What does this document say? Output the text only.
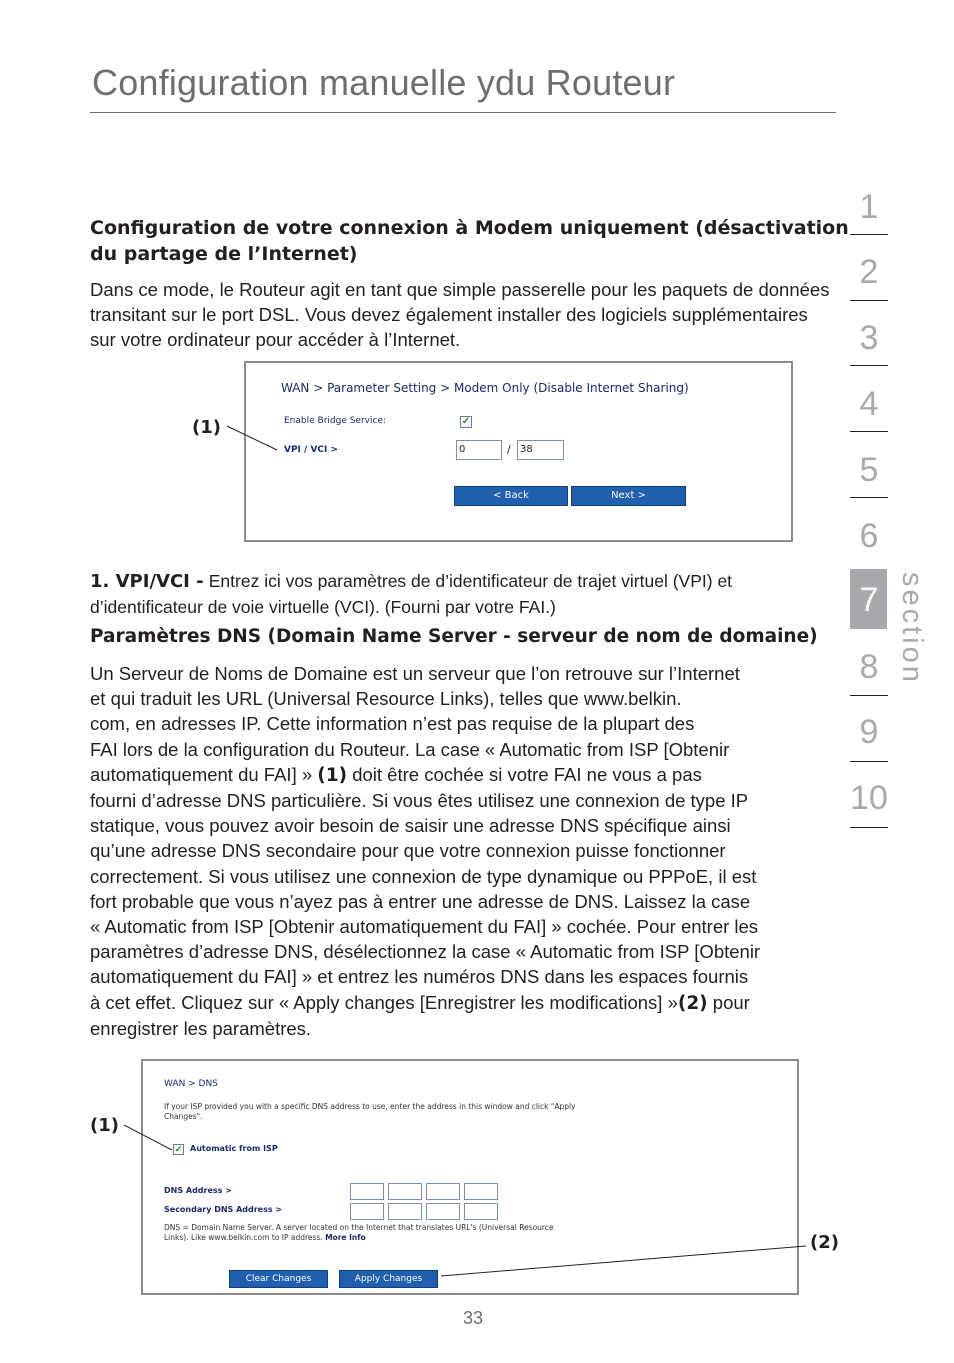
Configuration manuelle ydu Routeur
Configuration de votre connexion à Modem uniquement (désactivation du partage de l’Internet)
Dans ce mode, le Routeur agit en tant que simple passerelle pour les paquets de données transitant sur le port DSL. Vous devez également installer des logiciels supplémentaires sur votre ordinateur pour accéder à l’Internet.
WAN > Parameter Setting > Modem Only (Disable Internet Sharing)
Enable Bridge Service:	✓
VPI / VCI >	0	/ 38
< Back	Next >
(1)
1. VPI/VCI - Entrez ici vos paramètres de d’identificateur de trajet virtuel (VPI) et d’identificateur de voie virtuelle (VCI). (Fourni par votre FAI.)
Paramètres DNS (Domain Name Server - serveur de nom de domaine)
Un Serveur de Noms de Domaine est un serveur que l’on retrouve sur l’Internet
et qui traduit les URL (Universal Resource Links), telles que www.belkin.
com, en adresses IP. Cette information n’est pas requise de la plupart des
FAI lors de la configuration du Routeur. La case « Automatic from ISP [Obtenir
automatiquement du FAI] » (1) doit être cochée si votre FAI ne vous a pas
fourni d’adresse DNS particulière. Si vous êtes utilisez une connexion de type IP
statique, vous pouvez avoir besoin de saisir une adresse DNS spécifique ainsi
qu’une adresse DNS secondaire pour que votre connexion puisse fonctionner
correctement. Si vous utilisez une connexion de type dynamique ou PPPoE, il est
fort probable que vous n’ayez pas à entrer une adresse de DNS. Laissez la case
« Automatic from ISP [Obtenir automatiquement du FAI] » cochée. Pour entrer les
paramètres d’adresse DNS, désélectionnez la case « Automatic from ISP [Obtenir
automatiquement du FAI] » et entrez les numéros DNS dans les espaces fournis
à cet effet. Cliquez sur « Apply changes [Enregistrer les modifications] »(2) pour
enregistrer les paramètres.
WAN > DNS
If your ISP provided you with a specific DNS address to use, enter the address in this window and click "Apply Changes".
✓ Automatic from ISP
DNS Address >
Secondary DNS Address >
DNS = Domain Name Server. A server located on the Internet that translates URL's (Universal Resource Links). Like www.belkin.com to IP address. More Info
Clear Changes	Apply Changes
(1)
(2)
33
1
2
3
4
5
6
7
8
9
10
section
